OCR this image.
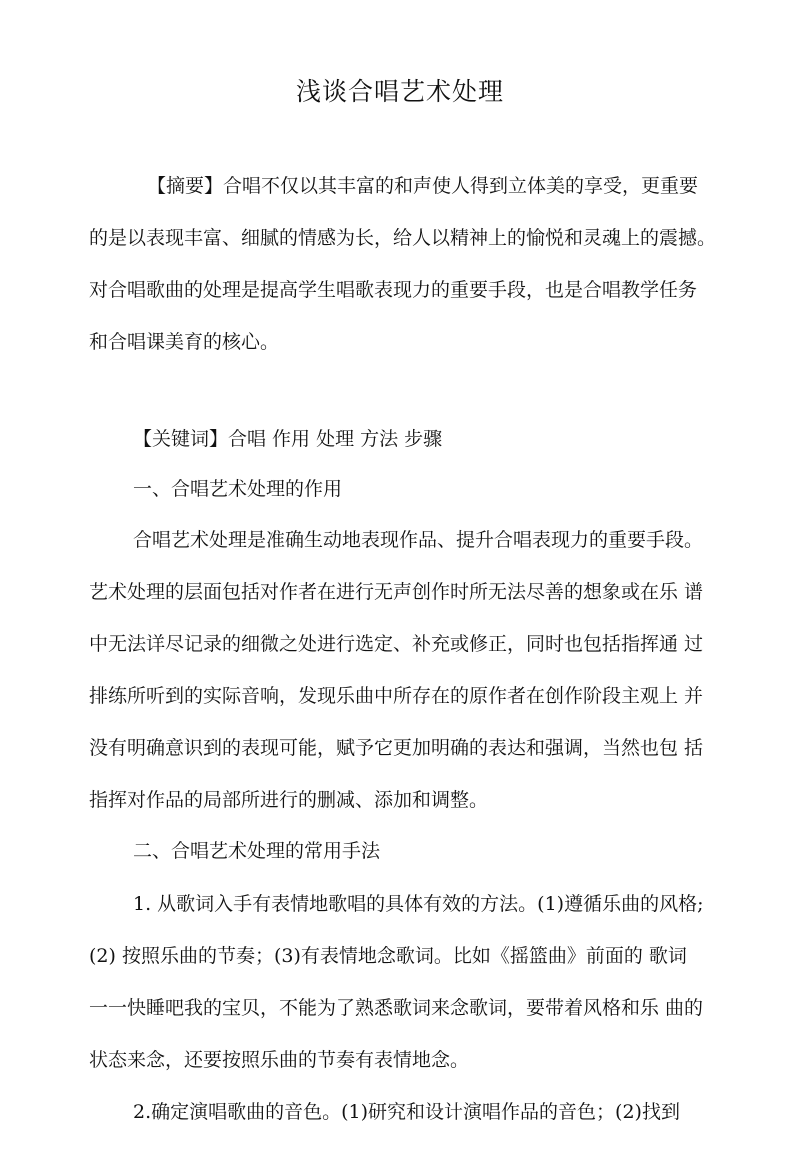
浅谈合唱艺术处理

【摘要】合唱不仅以其丰富的和声使人得到立体美的享受，更重要

的是以表现丰富、细腻的情感为长，给人以精神上的愉悦和灵魂上的震撼。

对合唱歌曲的处理是提高学生唱歌表现力的重要手段，也是合唱教学任务

和合唱课美育的核心。

【关键词】合唱 作用 处理 方法 步骤

一、合唱艺术处理的作用

合唱艺术处理是准确生动地表现作品、提升合唱表现力的重要手段。

艺术处理的层面包括对作者在进行无声创作时所无法尽善的想象或在乐 谱

中无法详尽记录的细微之处进行选定、补充或修正，同时也包括指挥通 过

排练所听到的实际音响，发现乐曲中所存在的原作者在创作阶段主观上 并

没有明确意识到的表现可能，赋予它更加明确的表达和强调，当然也包 括

指挥对作品的局部所进行的删减、添加和调整。

二、合唱艺术处理的常用手法

1. 从歌词入手有表情地歌唱的具体有效的方法。(1)遵循乐曲的风格;

(2) 按照乐曲的节奏；(3)有表情地念歌词。比如《摇篮曲》前面的 歌词

一一快睡吧我的宝贝，不能为了熟悉歌词来念歌词，要带着风格和乐 曲的

状态来念，还要按照乐曲的节奏有表情地念。

2.确定演唱歌曲的音色。(1)研究和设计演唱作品的音色；(2)找到
